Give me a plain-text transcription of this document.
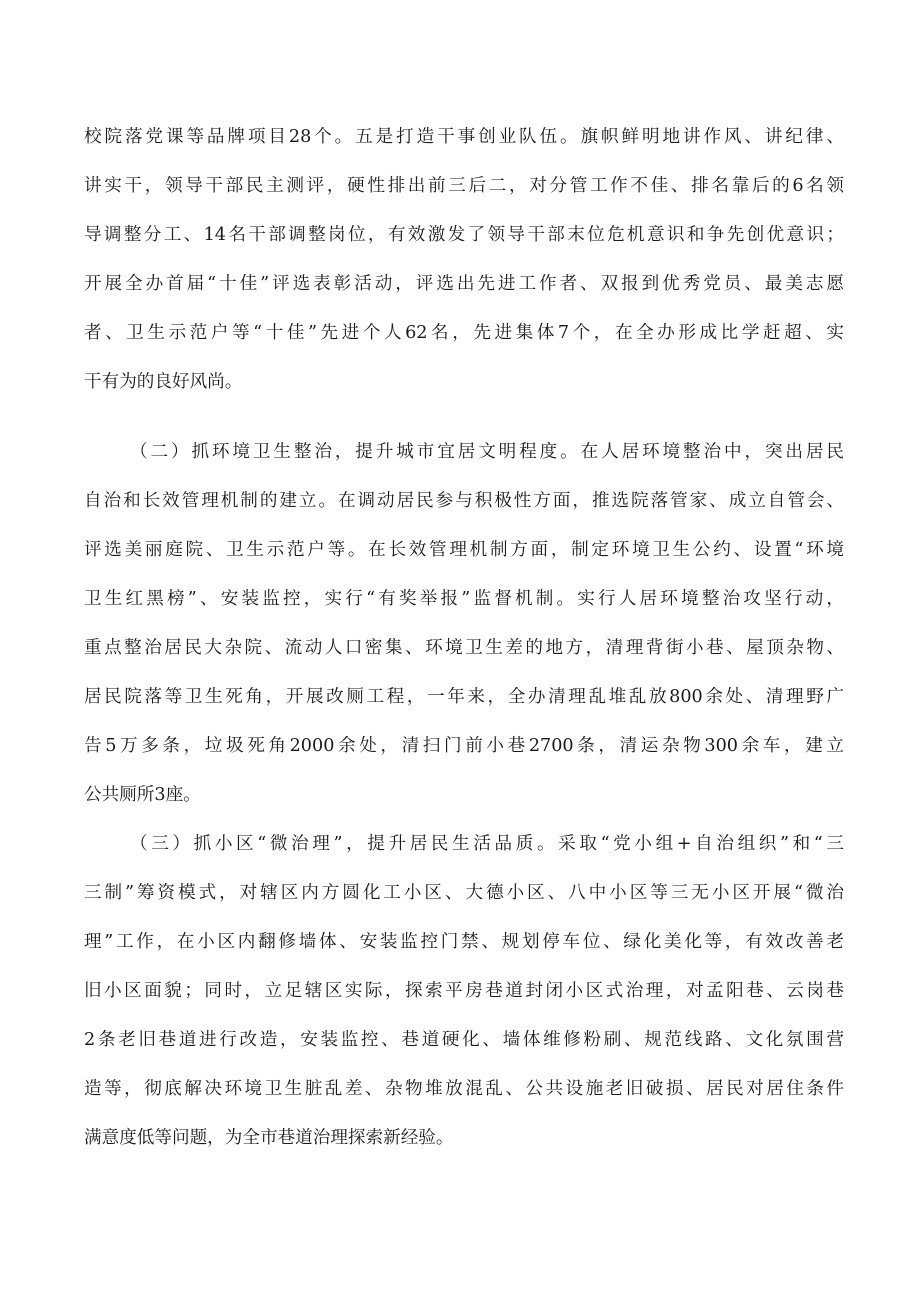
校院落党课等品牌项目28个。五是打造干事创业队伍。旗帜鲜明地讲作风、讲纪律、
讲实干，领导干部民主测评，硬性排出前三后二，对分管工作不佳、排名靠后的6名领
导调整分工、14名干部调整岗位，有效激发了领导干部末位危机意识和争先创优意识；
开展全办首届“十佳”评选表彰活动，评选出先进工作者、双报到优秀党员、最美志愿
者、卫生示范户等“十佳”先进个人62名，先进集体7个，在全办形成比学赶超、实
干有为的良好风尚。
（二）抓环境卫生整治，提升城市宜居文明程度。在人居环境整治中，突出居民
自治和长效管理机制的建立。在调动居民参与积极性方面，推选院落管家、成立自管会、
评选美丽庭院、卫生示范户等。在长效管理机制方面，制定环境卫生公约、设置“环境
卫生红黑榜”、安装监控，实行“有奖举报”监督机制。实行人居环境整治攻坚行动，
重点整治居民大杂院、流动人口密集、环境卫生差的地方，清理背街小巷、屋顶杂物、
居民院落等卫生死角，开展改厕工程，一年来，全办清理乱堆乱放800余处、清理野广
告5万多条，垃圾死角2000余处，清扫门前小巷2700条，清运杂物300余车，建立
公共厕所3座。
（三）抓小区“微治理”，提升居民生活品质。采取“党小组+自治组织”和“三
三制”筹资模式，对辖区内方圆化工小区、大德小区、八中小区等三无小区开展“微治
理”工作，在小区内翻修墙体、安装监控门禁、规划停车位、绿化美化等，有效改善老
旧小区面貌；同时，立足辖区实际，探索平房巷道封闭小区式治理，对孟阳巷、云岗巷
2条老旧巷道进行改造，安装监控、巷道硬化、墙体维修粉刷、规范线路、文化氛围营
造等，彻底解决环境卫生脏乱差、杂物堆放混乱、公共设施老旧破损、居民对居住条件
满意度低等问题，为全市巷道治理探索新经验。
